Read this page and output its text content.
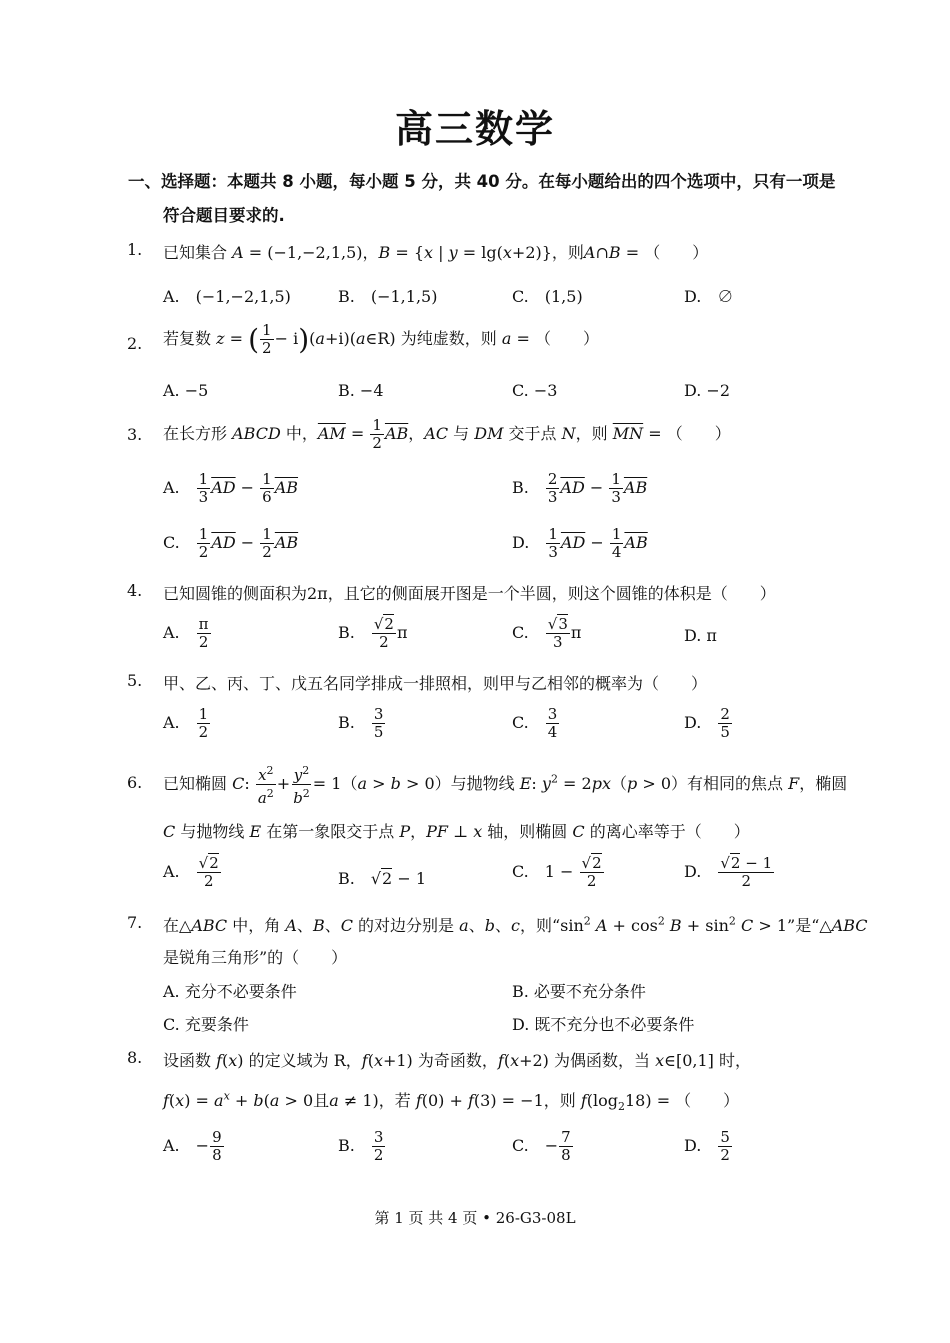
高三数学
一、选择题：本题共 8 小题，每小题 5 分，共 40 分。在每小题给出的四个选项中，只有一项是
符合题目要求的.
1. 已知集合 A = (−1,−2,1,5)，B = {x | y = lg(x+2)}，则A∩B = （　　）
A.　(−1,−2,1,5)	B.　(−1,1,5)	C.　(1,5)	D.　∅
2. 若复数 z = ( $\frac{1}{2}$ − i)(a+i)(a∈R) 为纯虚数，则 a = （　　）
A. −5	B. −4	C. −3	D. −2
3. 在长方形 ABCD 中，$\overline{AM} = \frac{1}{2} \overline{AB}$，AC 与 DM 交于点 N，则 $\overline{MN}$ = （　　）
A.　 $\frac{1}{3} \overline{AD} - \frac{1}{6} \overline{AB}$	B.　 $\frac{2}{3} \overline{AD} - \frac{1}{3} \overline{AB}$
C.　 $\frac{1}{2} \overline{AD} - \frac{1}{2} \overline{AB}$	D.　 $\frac{1}{3} \overline{AD} - \frac{1}{4} \overline{AB}$
4. 已知圆锥的侧面积为2π，且它的侧面展开图是一个半圆，则这个圆锥的体积是（　　）
A.　 $\frac{\pi}{2}$	B.　 $\frac{√2}{2}$ π	C.　 $\frac{√3}{3}$ π	D. π
5. 甲、乙、丙、丁、戊五名同学排成一排照相，则甲与乙相邻的概率为（　　）
A.　 $\frac{1}{2}$	B.　 $\frac{3}{5}$	C.　 $\frac{3}{4}$	D.　 $\frac{2}{5}$
6. 已知椭圆 C: $\frac{x^2}{a^2} + \frac{y^2}{b^2} = 1(a > b > 0)$与抛物线 E: $y^2 = 2px(p > 0)$有相同的焦点 F，椭圆
C 与抛物线 E 在第一象限交于点 P，PF ⊥ x 轴，则椭圆 C 的离心率等于（　　）
A.　 $\frac{√2}{2}$	B.　√2 − 1	C.　$1 - \frac{√2}{2}$	D.　 $\frac{√2 - 1}{2}$
7. 在△ABC 中，角 A、B、C 的对边分别是 a、b、c，则“$\sin^2$ $A + \cos^2 B + \sin^2 C > 1$”是“△ABC
是锐角三角形”的（　　）
A. 充分不必要条件	B. 必要不充分条件
C. 充要条件	D. 既不充分也不必要条件
8. 设函数 f(x) 的定义域为 R，f(x+1) 为奇函数，f(x+2) 为偶函数，当 x∈[0,1] 时，
$f(x) = a^x + b(a > 0$且a ≠ 1)，若 f(0) + f(3) = −1，则 $f(\log_218)$ = （　　）
A.　− $\frac{9}{8}$	B.　 $\frac{3}{2}$	C.　− $\frac{7}{8}$	D.　 $\frac{5}{2}$
第 1 页 共 4 页 • 26-G3-08L
